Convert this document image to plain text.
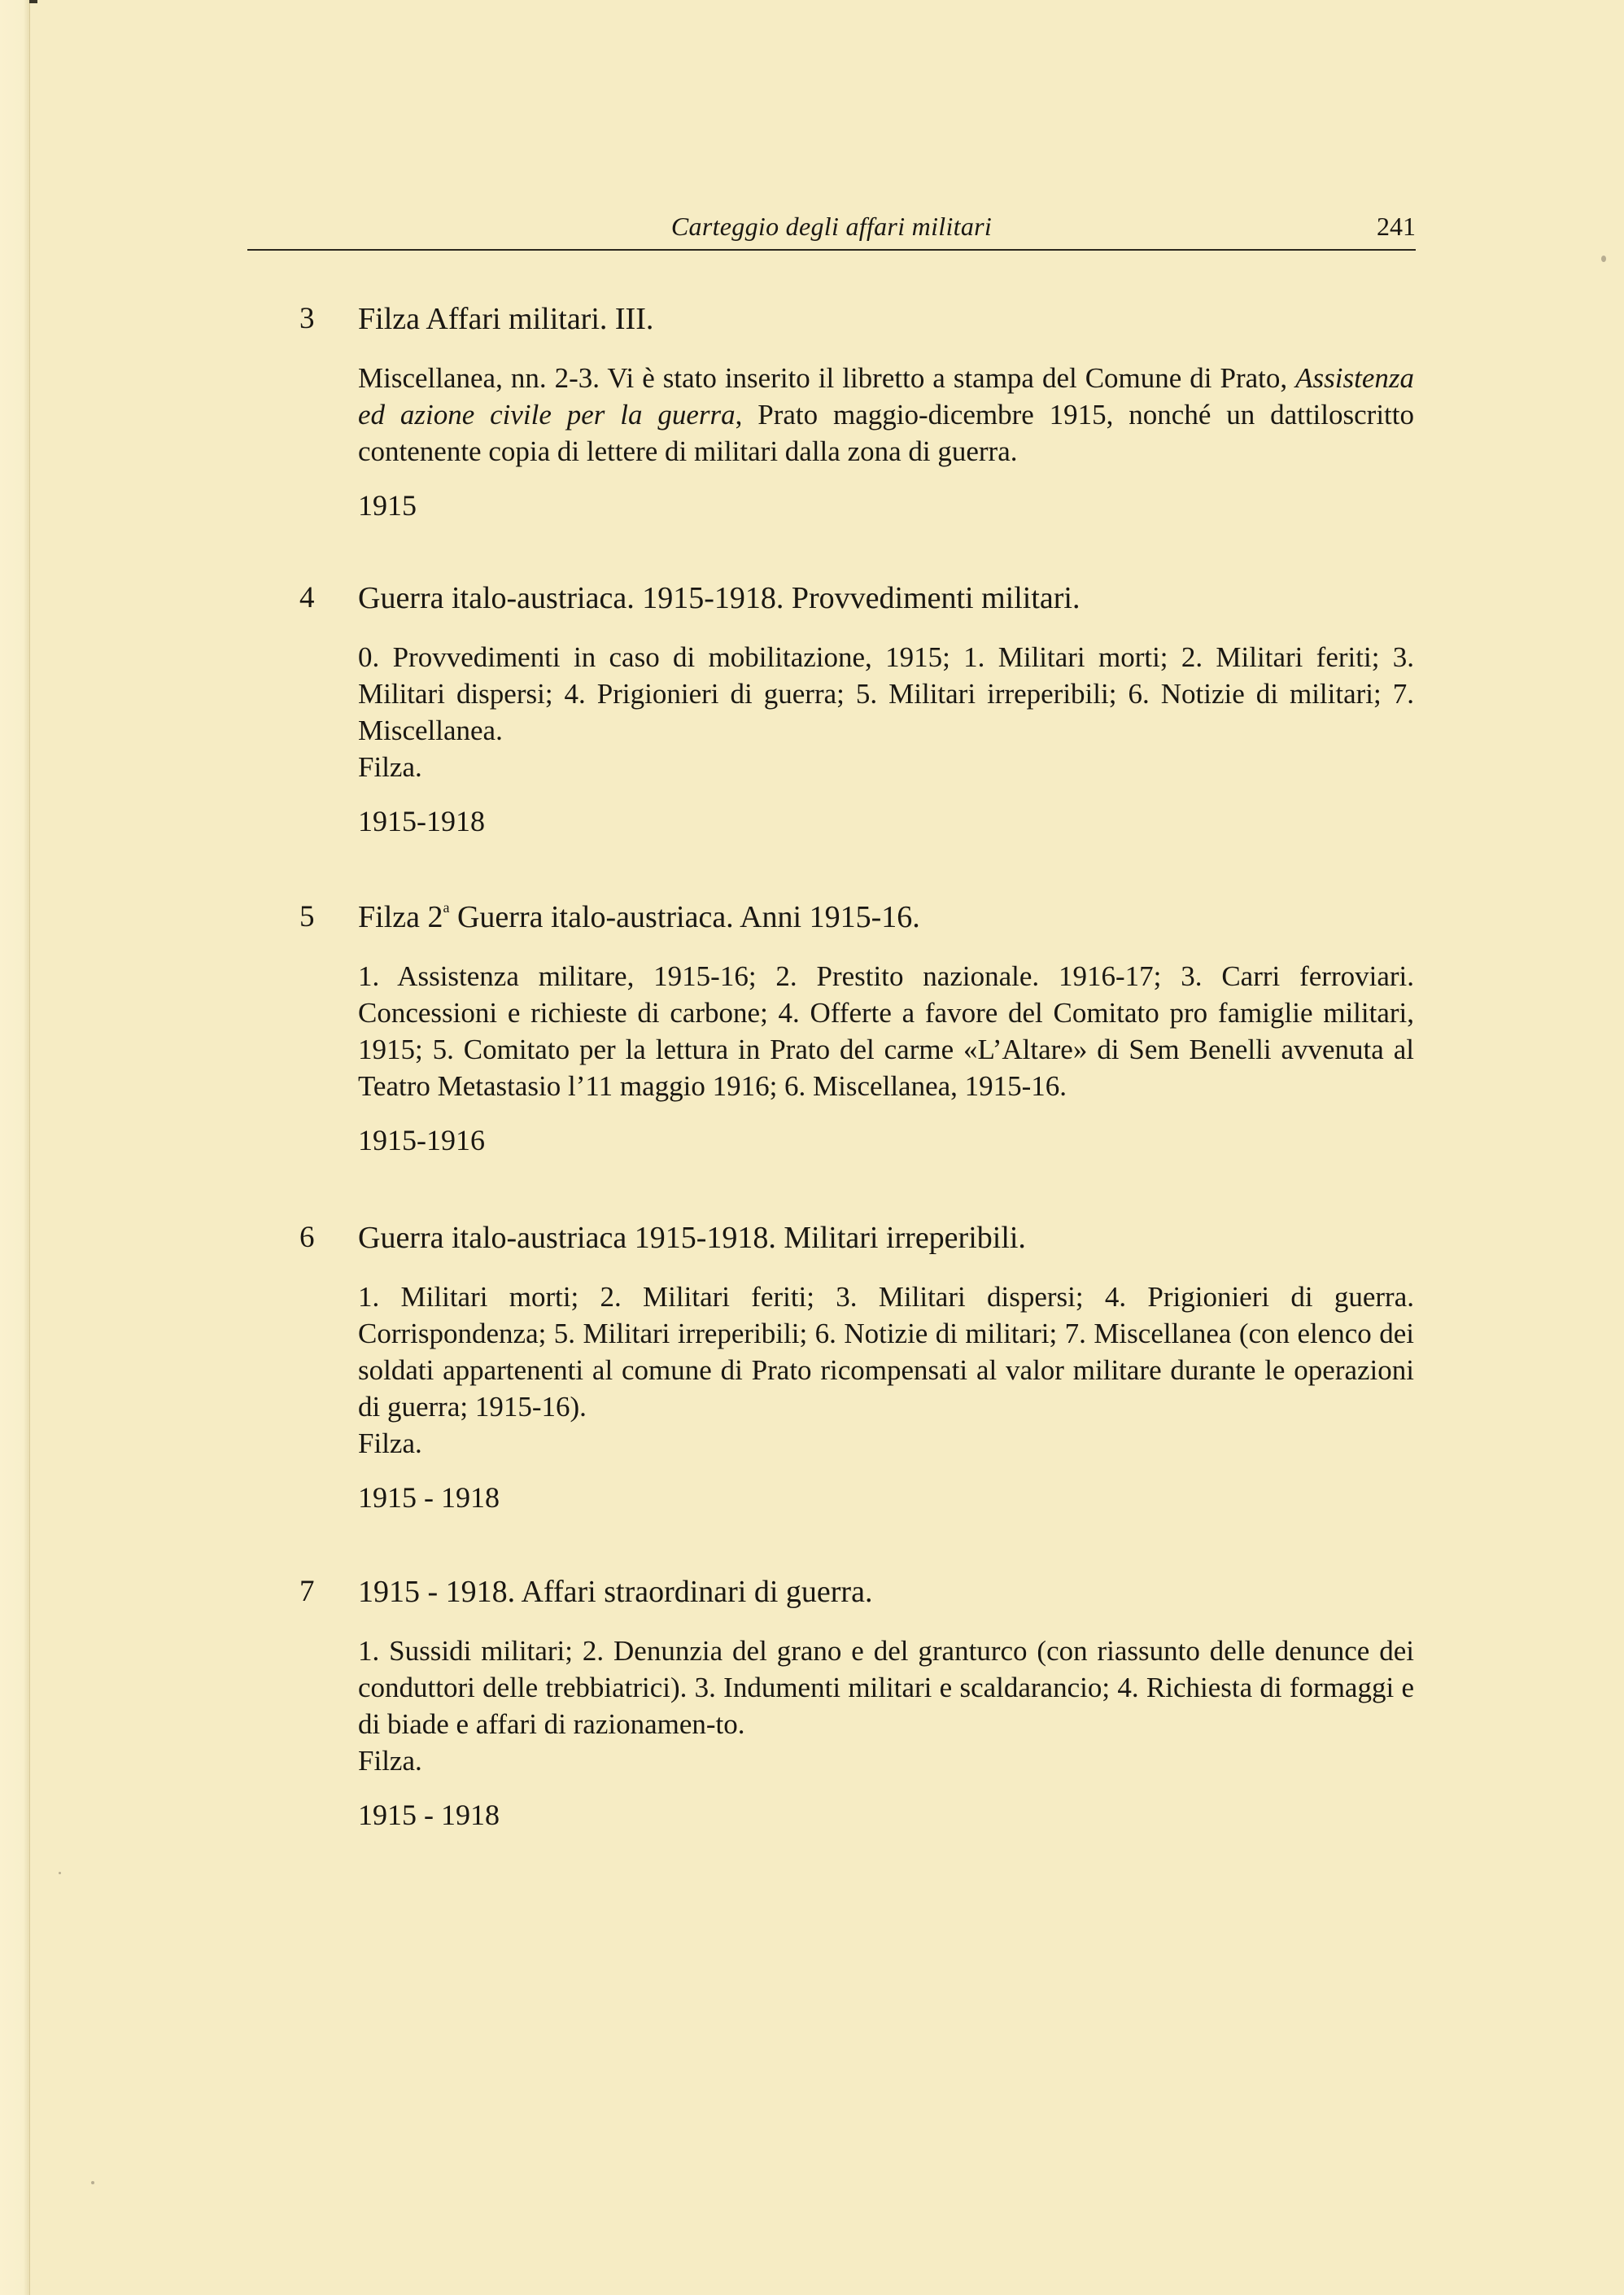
Carteggio degli affari militari	241
3 Filza Affari militari. III.

Miscellanea, nn. 2-3. Vi è stato inserito il libretto a stampa del Comune di Prato, Assistenza ed azione civile per la guerra, Prato maggio-dicembre 1915, nonché un dattiloscritto contenente copia di lettere di militari dalla zona di guerra.

1915
4 Guerra italo-austriaca. 1915-1918. Provvedimenti militari.

0. Provvedimenti in caso di mobilitazione, 1915; 1. Militari morti; 2. Militari feriti; 3. Militari dispersi; 4. Prigionieri di guerra; 5. Militari irreperibili; 6. Notizie di militari; 7. Miscellanea.

Filza.

1915-1918
5 Filza 2$^a$ Guerra italo-austriaca. Anni 1915-16.

1. Assistenza militare, 1915-16; 2. Prestito nazionale. 1916-17; 3. Carri ferroviari. Concessioni e richieste di carbone; 4. Offerte a favore del Comitato pro famiglie militari, 1915; 5. Comitato per la lettura in Prato del carme «L’Altare» di Sem Benelli avvenuta al Teatro Metastasio l’11 maggio 1916; 6. Miscellanea, 1915-16.

1915-1916
6 Guerra italo-austriaca 1915-1918. Militari irreperibili.

1. Militari morti; 2. Militari feriti; 3. Militari dispersi; 4. Prigionieri di guerra. Corrispondenza; 5. Militari irreperibili; 6. Notizie di militari; 7. Miscellanea (con elenco dei soldati appartenenti al comune di Prato ricompensati al valor militare durante le operazioni di guerra; 1915-16).

Filza.

1915 - 1918
7 1915 - 1918. Affari straordinari di guerra.

1. Sussidi militari; 2. Denunzia del grano e del granturco (con riassunto delle denunce dei conduttori delle trebbiatrici). 3. Indumenti militari e scaldarancio; 4. Richiesta di formaggi e di biade e affari di razionamen-to.

Filza.

1915 - 1918
